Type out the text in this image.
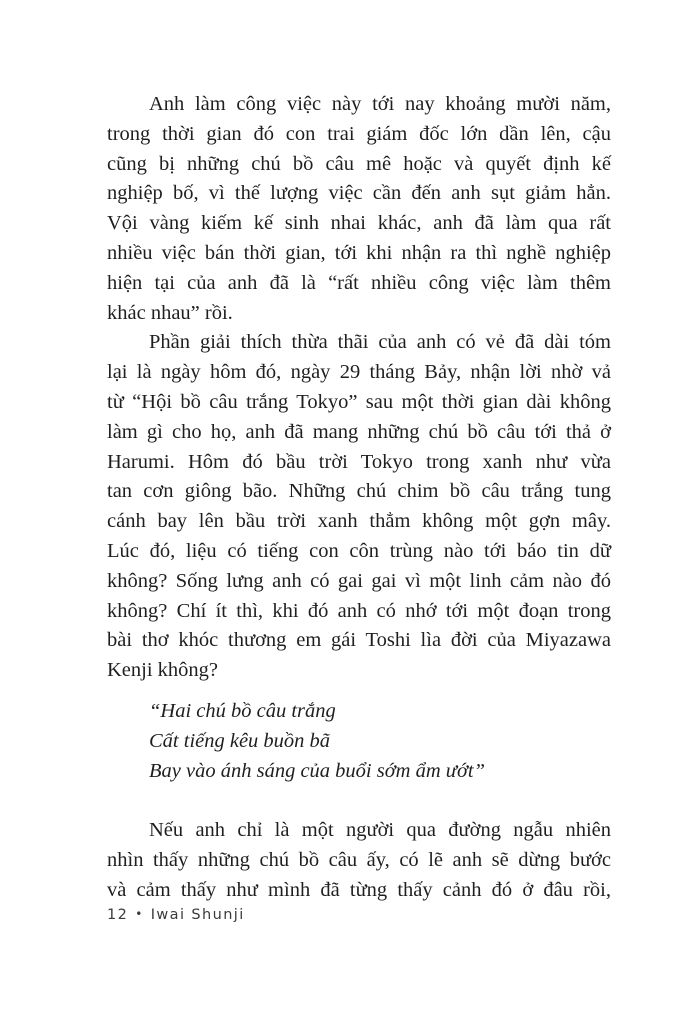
Anh làm công việc này tới nay khoảng mười năm,
trong thời gian đó con trai giám đốc lớn dần lên, cậu
cũng bị những chú bồ câu mê hoặc và quyết định kế
nghiệp bố, vì thế lượng việc cần đến anh sụt giảm hẳn.
Vội vàng kiếm kế sinh nhai khác, anh đã làm qua rất
nhiều việc bán thời gian, tới khi nhận ra thì nghề nghiệp
hiện tại của anh đã là “rất nhiều công việc làm thêm
khác nhau” rồi.
Phần giải thích thừa thãi của anh có vẻ đã dài tóm
lại là ngày hôm đó, ngày 29 tháng Bảy, nhận lời nhờ vả
từ “Hội bồ câu trắng Tokyo” sau một thời gian dài không
làm gì cho họ, anh đã mang những chú bồ câu tới thả ở
Harumi. Hôm đó bầu trời Tokyo trong xanh như vừa
tan cơn giông bão. Những chú chim bồ câu trắng tung
cánh bay lên bầu trời xanh thẳm không một gợn mây.
Lúc đó, liệu có tiếng con côn trùng nào tới báo tin dữ
không? Sống lưng anh có gai gai vì một linh cảm nào đó
không? Chí ít thì, khi đó anh có nhớ tới một đoạn trong
bài thơ khóc thương em gái Toshi lìa đời của Miyazawa
Kenji không?
“Hai chú bồ câu trắng
Cất tiếng kêu buồn bã
Bay vào ánh sáng của buổi sớm ẩm ướt”
Nếu anh chỉ là một người qua đường ngẫu nhiên
nhìn thấy những chú bồ câu ấy, có lẽ anh sẽ dừng bước
và cảm thấy như mình đã từng thấy cảnh đó ở đâu rồi,
12 • Iwai Shunji
